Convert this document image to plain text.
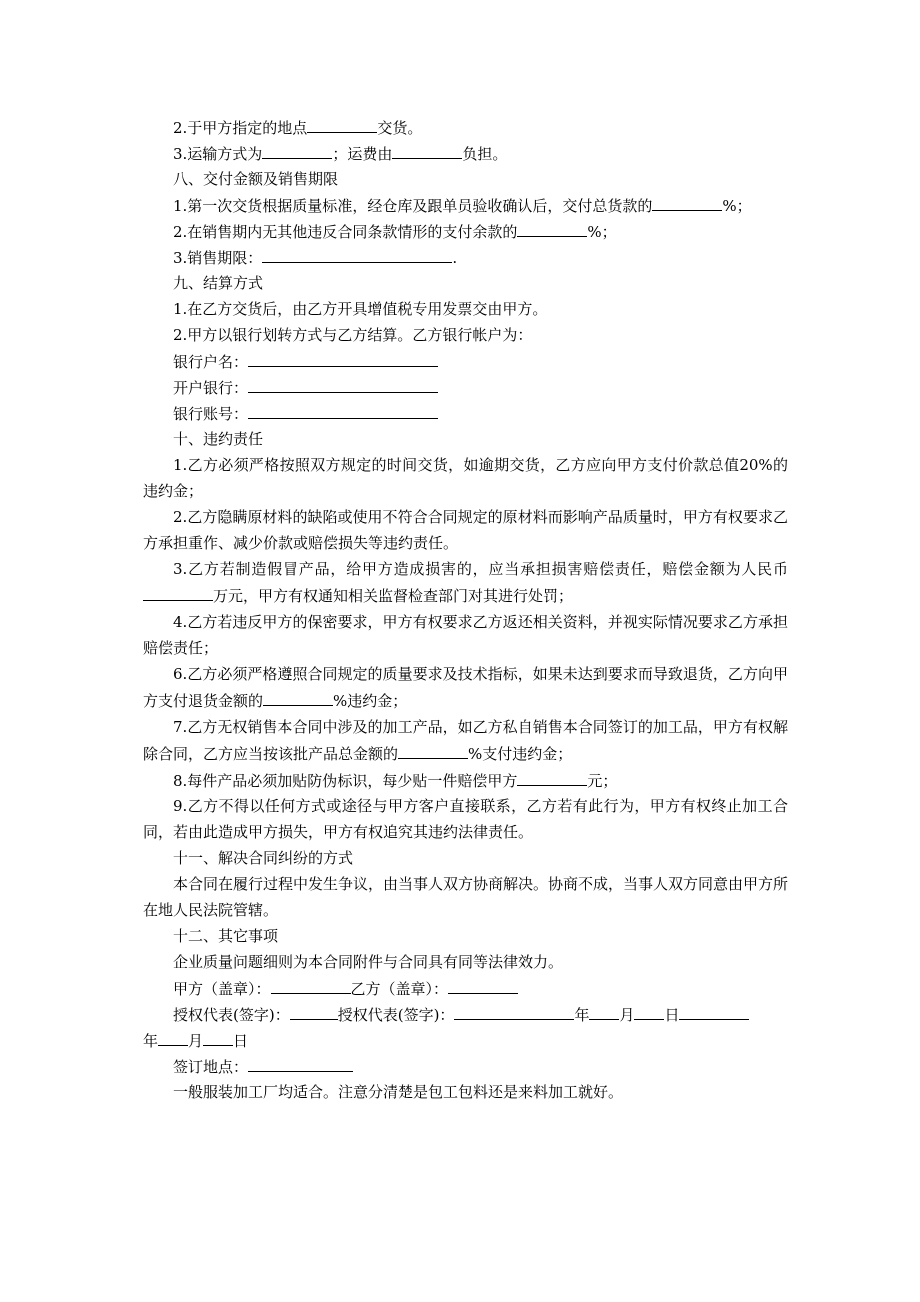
2.于甲方指定的地点	交货。
3.运输方式为	；运费由	负担。
八、交付金额及销售期限
1.第一次交货根据质量标准，经仓库及跟单员验收确认后，交付总货款的	%；
2.在销售期内无其他违反合同条款情形的支付余款的	%；
3.销售期限：	.
九、结算方式
1.在乙方交货后，由乙方开具增值税专用发票交由甲方。
2.甲方以银行划转方式与乙方结算。乙方银行帐户为：
银行户名：
开户银行：
银行账号：
十、违约责任
1.乙方必须严格按照双方规定的时间交货，如逾期交货，乙方应向甲方支付价款总值20%的违约金；
2.乙方隐瞒原材料的缺陷或使用不符合合同规定的原材料而影响产品质量时，甲方有权要求乙方承担重作、减少价款或赔偿损失等违约责任。
3.乙方若制造假冒产品，给甲方造成损害的，应当承担损害赔偿责任，赔偿金额为人民币万元，甲方有权通知相关监督检查部门对其进行处罚；
4.乙方若违反甲方的保密要求，甲方有权要求乙方返还相关资料，并视实际情况要求乙方承担赔偿责任；
6.乙方必须严格遵照合同规定的质量要求及技术指标，如果未达到要求而导致退货，乙方向甲方支付退货金额的	%违约金；
7.乙方无权销售本合同中涉及的加工产品，如乙方私自销售本合同签订的加工品，甲方有权解除合同，乙方应当按该批产品总金额的	%支付违约金；
8.每件产品必须加贴防伪标识，每少贴一件赔偿甲方	元；
9.乙方不得以任何方式或途径与甲方客户直接联系，乙方若有此行为，甲方有权终止加工合同，若由此造成甲方损失，甲方有权追究其违约法律责任。
十一、解决合同纠纷的方式
本合同在履行过程中发生争议，由当事人双方协商解决。协商不成，当事人双方同意由甲方所在地人民法院管辖。
十二、其它事项
企业质量问题细则为本合同附件与合同具有同等法律效力。
甲方（盖章）：	乙方（盖章）：
授权代表(签字)：	授权代表(签字)：	年 月 日
年 月 日
签订地点：
一般服装加工厂均适合。注意分清楚是包工包料还是来料加工就好。
